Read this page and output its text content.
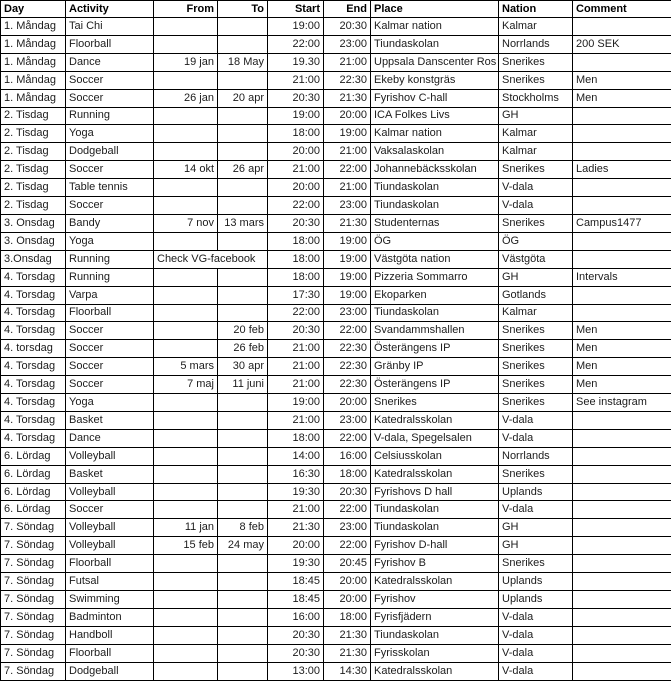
Day	Activity	From	To	Start	End	Place	Nation	Comment
1. Måndag	Tai Chi			19:00	20:30	Kalmar nation	Kalmar	
1. Måndag	Floorball			22:00	23:00	Tiundaskolan	Norrlands	200 SEK
1. Måndag	Dance	19 jan	18 May	19.30	21:00	Uppsala Danscenter Ros	Snerikes	
1. Måndag	Soccer			21:00	22:30	Ekeby konstgräs	Snerikes	Men
1. Måndag	Soccer	26 jan	20 apr	20:30	21:30	Fyrishov C-hall	Stockholms	Men
2. Tisdag	Running			19:00	20:00	ICA Folkes Livs	GH	
2. Tisdag	Yoga			18:00	19:00	Kalmar nation	Kalmar	
2. Tisdag	Dodgeball			20:00	21:00	Vaksalaskolan	Kalmar	
2. Tisdag	Soccer	14 okt	26 apr	21:00	22:00	Johannebäcksskolan	Snerikes	Ladies
2. Tisdag	Table tennis			20:00	21:00	Tiundaskolan	V-dala	
2. Tisdag	Soccer			22:00	23:00	Tiundaskolan	V-dala	
3. Onsdag	Bandy	7 nov	13 mars	20:30	21:30	Studenternas	Snerikes	Campus1477
3. Onsdag	Yoga			18:00	19:00	ÖG	ÖG	
3.Onsdag	Running	Check VG-facebook		18:00	19:00	Västgöta nation	Västgöta	
4. Torsdag	Running			18:00	19:00	Pizzeria Sommarro	GH	Intervals
4. Torsdag	Varpa			17:30	19:00	Ekoparken	Gotlands	
4. Torsdag	Floorball			22:00	23:00	Tiundaskolan	Kalmar	
4. Torsdag	Soccer		20 feb	20:30	22:00	Svandammshallen	Snerikes	Men
4. torsdag	Soccer		26 feb	21:00	22:30	Österängens IP	Snerikes	Men
4. Torsdag	Soccer	5 mars	30 apr	21:00	22:30	Gränby IP	Snerikes	Men
4. Torsdag	Soccer	7 maj	11 juni	21:00	22:30	Österängens IP	Snerikes	Men
4. Torsdag	Yoga			19:00	20:00	Snerikes	Snerikes	See instagram
4. Torsdag	Basket			21:00	23:00	Katedralsskolan	V-dala	
4. Torsdag	Dance			18:00	22:00	V-dala, Spegelsalen	V-dala	
6. Lördag	Volleyball			14:00	16:00	Celsiusskolan	Norrlands	
6. Lördag	Basket			16:30	18:00	Katedralsskolan	Snerikes	
6. Lördag	Volleyball			19:30	20:30	Fyrishovs D hall	Uplands	
6. Lördag	Soccer			21:00	22:00	Tiundaskolan	V-dala	
7. Söndag	Volleyball	11 jan	8 feb	21:30	23:00	Tiundaskolan	GH	
7. Söndag	Volleyball	15 feb	24 may	20:00	22:00	Fyrishov D-hall	GH	
7. Söndag	Floorball			19:30	20:45	Fyrishov B	Snerikes	
7. Söndag	Futsal			18:45	20:00	Katedralsskolan	Uplands	
7. Söndag	Swimming			18:45	20:00	Fyrishov	Uplands	
7. Söndag	Badminton			16:00	18:00	Fyrisfjädern	V-dala	
7. Söndag	Handboll			20:30	21:30	Tiundaskolan	V-dala	
7. Söndag	Floorball			20:30	21:30	Fyrisskolan	V-dala	
7. Söndag	Dodgeball			13:00	14:30	Katedralsskolan	V-dala	
